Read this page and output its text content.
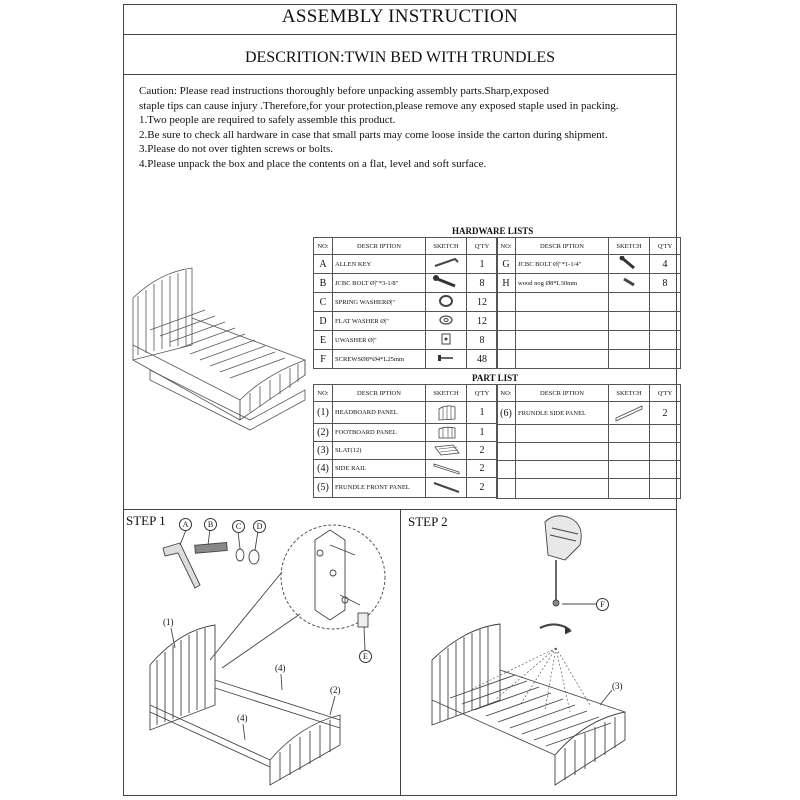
ASSEMBLY INSTRUCTION
DESCRITION:TWIN BED WITH TRUNDLES
Caution: Please read instructions thoroughly before unpacking assembly parts.Sharp,exposed
staple tips can cause injury .Therefore,for your protection,please remove any exposed staple used in packing.
1.Two people are required to safely assemble this product.
2.Be sure to check all hardware in case that small parts may come loose inside the carton during shipment.
3.Please do not over tighten screws or bolts.
4.Please unpack the box and place the contents on a flat, level and soft surface.
HARDWARE LISTS
NO:	DESCR IPTION	SKETCH	Q'TY
A	ALLEN KEY		1
B	JCBC BOLT Ø|"*3-1/8"		8
C	SPRING WASHERØ|"		12
D	FLAT WASHER Ø|"		12
E	UWASHER Ø|"		8
F	SCREWSØ8*Ø4*L25mm		48
NO:	DESCR IPTION	SKETCH	Q'TY
G	JCBC BOLT Ø|"*1-1/4"		4
H	wood nog Ø8*L30mm		8

PART LIST
NO:	DESCR IPTION	SKETCH	Q'TY
(1)	HEADBOARD PANEL		1
(2)	FOOTBOARD PANEL		1
(3)	SLAT(12)		2
(4)	SIDE RAIL		2
(5)	FRUNDLE FRONT PANEL		2
NO:	DESCR IPTION	SKETCH	Q'TY
(6)	FRUNDLE SIDE PANEL		2

STEP 1	STEP 2
A	B	C	D
E
(1)
(4)
(2)
(4)
F
(3)
